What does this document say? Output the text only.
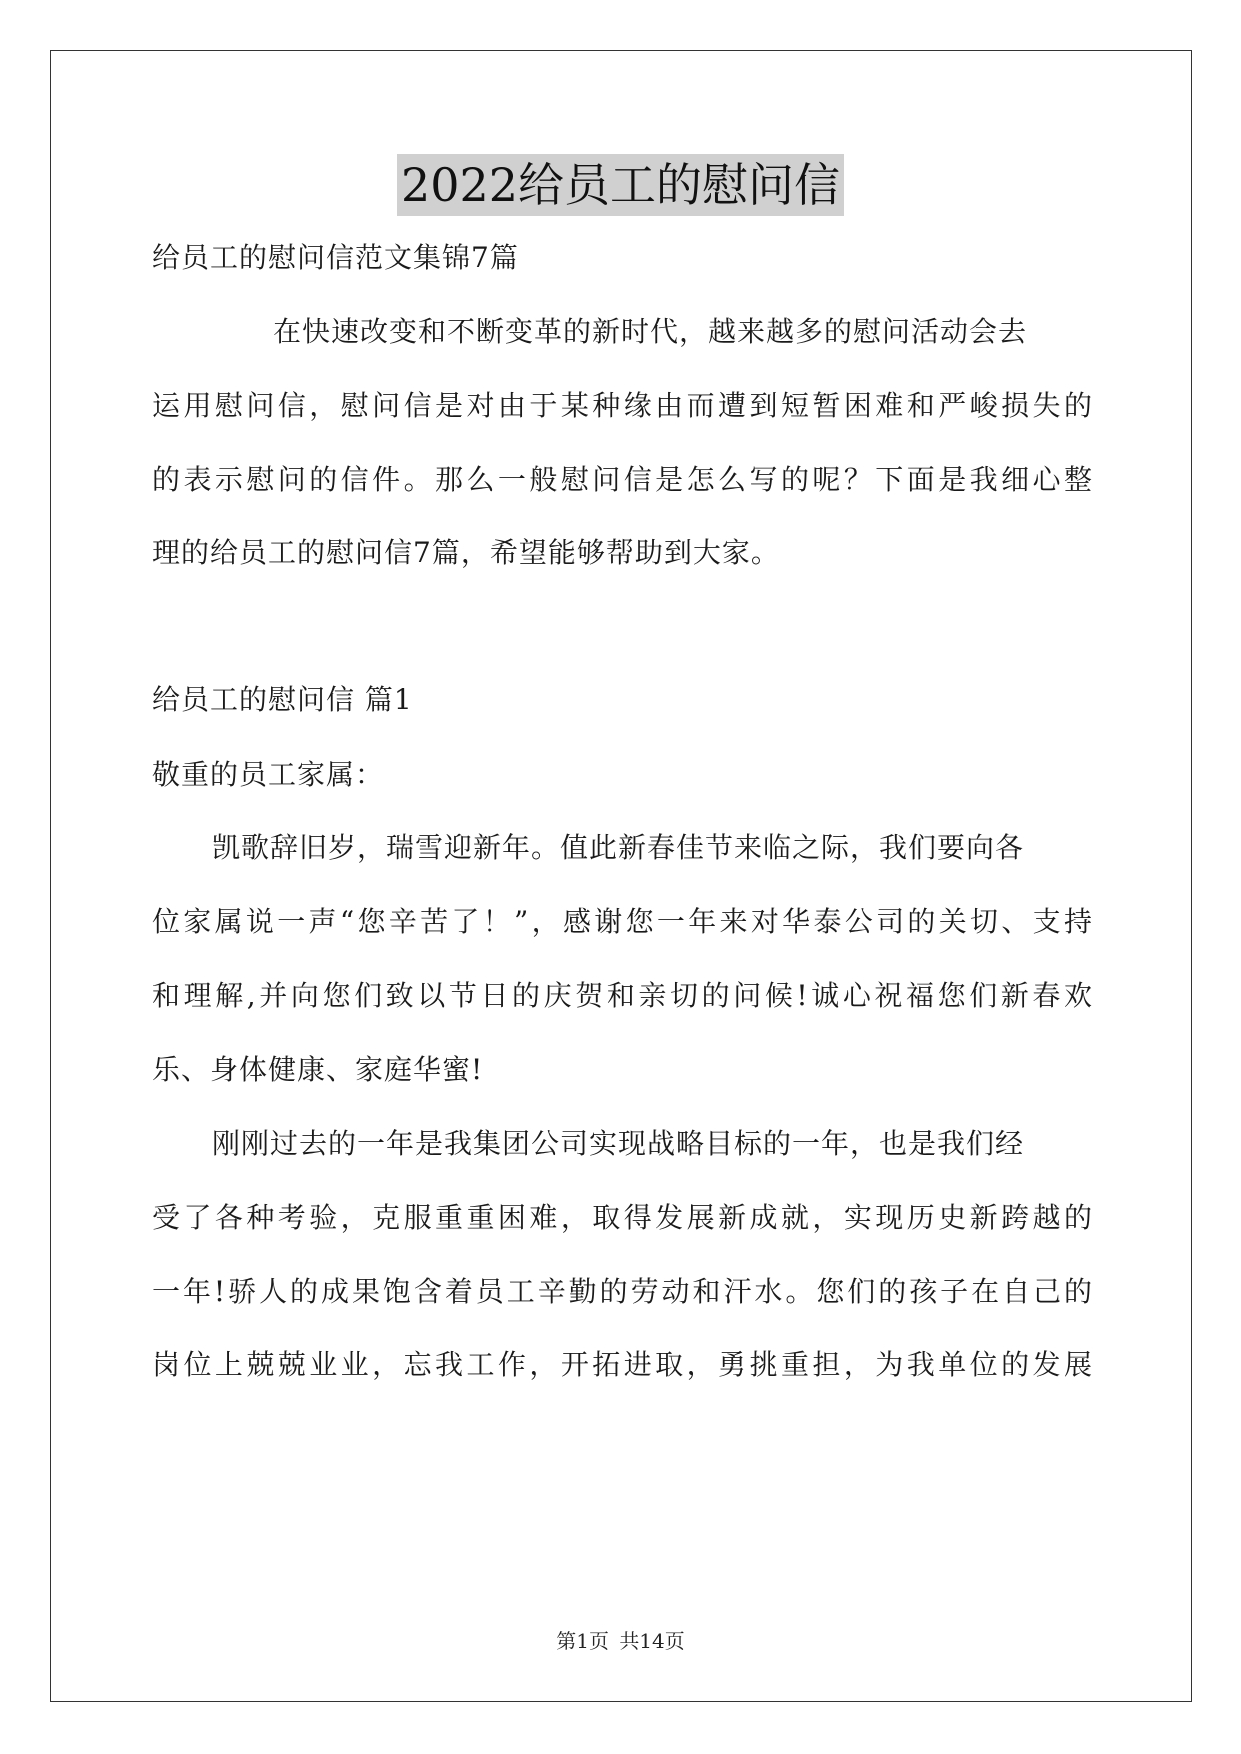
2022给员工的慰问信
给员工的慰问信范文集锦7篇
在快速改变和不断变革的新时代，越来越多的慰问活动会去
运用慰问信，慰问信是对由于某种缘由而遭到短暂困难和严峻损失的
的表示慰问的信件。那么一般慰问信是怎么写的呢？下面是我细心整
理的给员工的慰问信7篇，希望能够帮助到大家。
给员工的慰问信 篇1
敬重的员工家属：
凯歌辞旧岁，瑞雪迎新年。值此新春佳节来临之际，我们要向各
位家属说一声“您辛苦了！”，感谢您一年来对华泰公司的关切、支持
和理解,并向您们致以节日的庆贺和亲切的问候!诚心祝福您们新春欢
乐、身体健康、家庭华蜜!
刚刚过去的一年是我集团公司实现战略目标的一年，也是我们经
受了各种考验，克服重重困难，取得发展新成就，实现历史新跨越的
一年!骄人的成果饱含着员工辛勤的劳动和汗水。您们的孩子在自己的
岗位上兢兢业业，忘我工作，开拓进取，勇挑重担，为我单位的发展
第1页 共14页
